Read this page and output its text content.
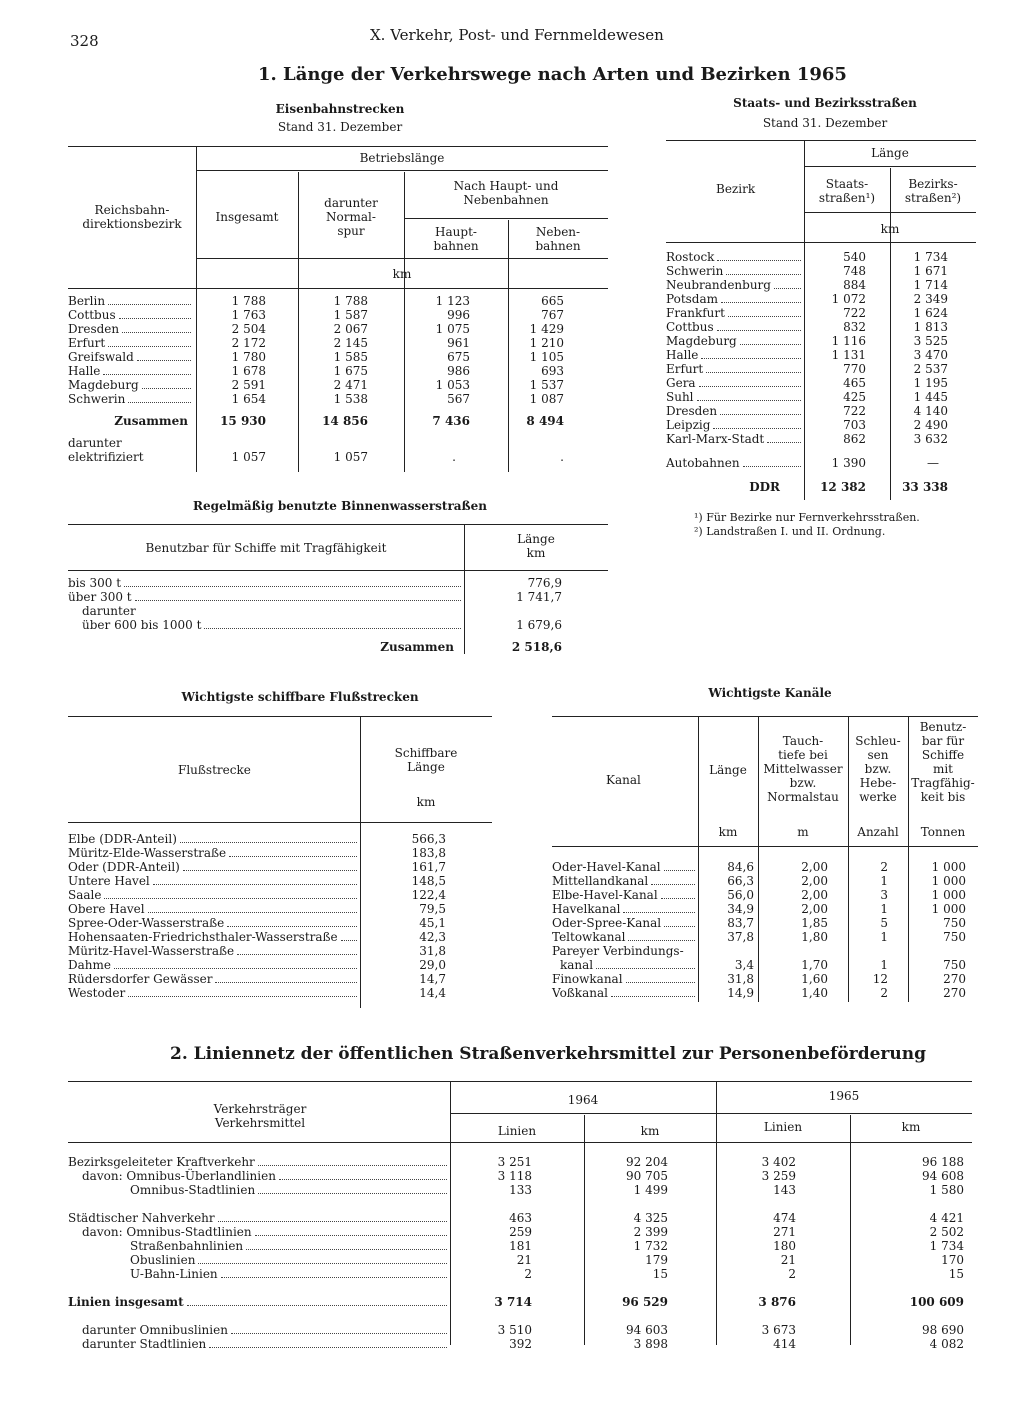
328	X. Verkehr, Post- und Fernmeldewesen
1. Länge der Verkehrswege nach Arten und Bezirken 1965
Eisenbahnstrecken
Stand 31. Dezember
Reichsbahn-
direktionsbezirk
Betriebslänge
Insgesamt
darunter
Normal-
spur
Nach Haupt- und
Nebenbahnen
Haupt-
bahnen
Neben-
bahnen
km
Berlin	1 788	1 788	1 123	665

Cottbus	1 763	1 587	996	767

Dresden	2 504	2 067	1 075	1 429

Erfurt	2 172	2 145	961	1 210

Greifswald	1 780	1 585	675	1 105

Halle	1 678	1 675	986	693

Magdeburg	2 591	2 471	1 053	1 537

Schwerin	1 654	1 538	567	1 087
Zusammen	15 930	14 856	7 436	8 494
darunter				
elektrifiziert	1 057	1 057	.	.
Staats- und Bezirksstraßen
Stand 31. Dezember
Bezirk
Länge
Staats-
straßen¹)
Bezirks-
straßen²)
km
Rostock	540	1 734

Schwerin	748	1 671

Neubrandenburg	884	1 714

Potsdam	1 072	2 349

Frankfurt	722	1 624

Cottbus	832	1 813

Magdeburg	1 116	3 525

Halle	1 131	3 470

Erfurt	770	2 537

Gera	465	1 195

Suhl	425	1 445

Dresden	722	4 140

Leipzig	703	2 490

Karl-Marx-Stadt	862	3 632

Autobahnen	1 390	—
DDR	12 382	33 338
¹) Für Bezirke nur Fernverkehrsstraßen.
²) Landstraßen I. und II. Ordnung.
Regelmäßig benutzte Binnenwasserstraßen
Benutzbar für Schiffe mit Tragfähigkeit
Länge
km
bis 300 t	776,9

über 300 t	1 741,7
darunter	

über 600 bis 1000 t	1 679,6
Zusammen	2 518,6
Wichtigste schiffbare Flußstrecken
Flußstrecke
Schiffbare
Länge
km
Elbe (DDR-Anteil)	566,3

Müritz-Elde-Wasserstraße	183,8

Oder (DDR-Anteil)	161,7

Untere Havel	148,5

Saale	122,4

Obere Havel	79,5

Spree-Oder-Wasserstraße	45,1

Hohensaaten-Friedrichsthaler-Wasserstraße	42,3

Müritz-Havel-Wasserstraße	31,8

Dahme	29,0

Rüdersdorfer Gewässer	14,7

Westoder	14,4
Wichtigste Kanäle
Kanal
Länge
Tauch-
tiefe bei
Mittelwasser
bzw.
Normalstau
Schleu-
sen
bzw.
Hebe-
werke
Benutz-
bar für
Schiffe
mit
Tragfähig-
keit bis
km	m	Anzahl	Tonnen
Oder-Havel-Kanal	84,6	2,00	2	1 000

Mittellandkanal	66,3	2,00	1	1 000

Elbe-Havel-Kanal	56,0	2,00	3	1 000

Havelkanal	34,9	2,00	1	1 000

Oder-Spree-Kanal	83,7	1,85	5	750

Teltowkanal	37,8	1,80	1	750
Pareyer Verbindungs-				

kanal	3,4	1,70	1	750

Finowkanal	31,8	1,60	12	270

Voßkanal	14,9	1,40	2	270
2. Liniennetz der öffentlichen Straßenverkehrsmittel zur Personenbeförderung
Verkehrsträger
Verkehrsmittel
1964	1965
Linien	km	Linien	km
Bezirksgeleiteter Kraftverkehr	3 251	92 204	3 402	96 188

davon: Omnibus-Überlandlinien	3 118	90 705	3 259	94 608

Omnibus-Stadtlinien	133	1 499	143	1 580

Städtischer Nahverkehr	463	4 325	474	4 421

davon: Omnibus-Stadtlinien	259	2 399	271	2 502

Straßenbahnlinien	181	1 732	180	1 734

Obuslinien	21	179	21	170

U-Bahn-Linien	2	15	2	15

Linien insgesamt	3 714	96 529	3 876	100 609

darunter Omnibuslinien	3 510	94 603	3 673	98 690

darunter Stadtlinien	392	3 898	414	4 082
